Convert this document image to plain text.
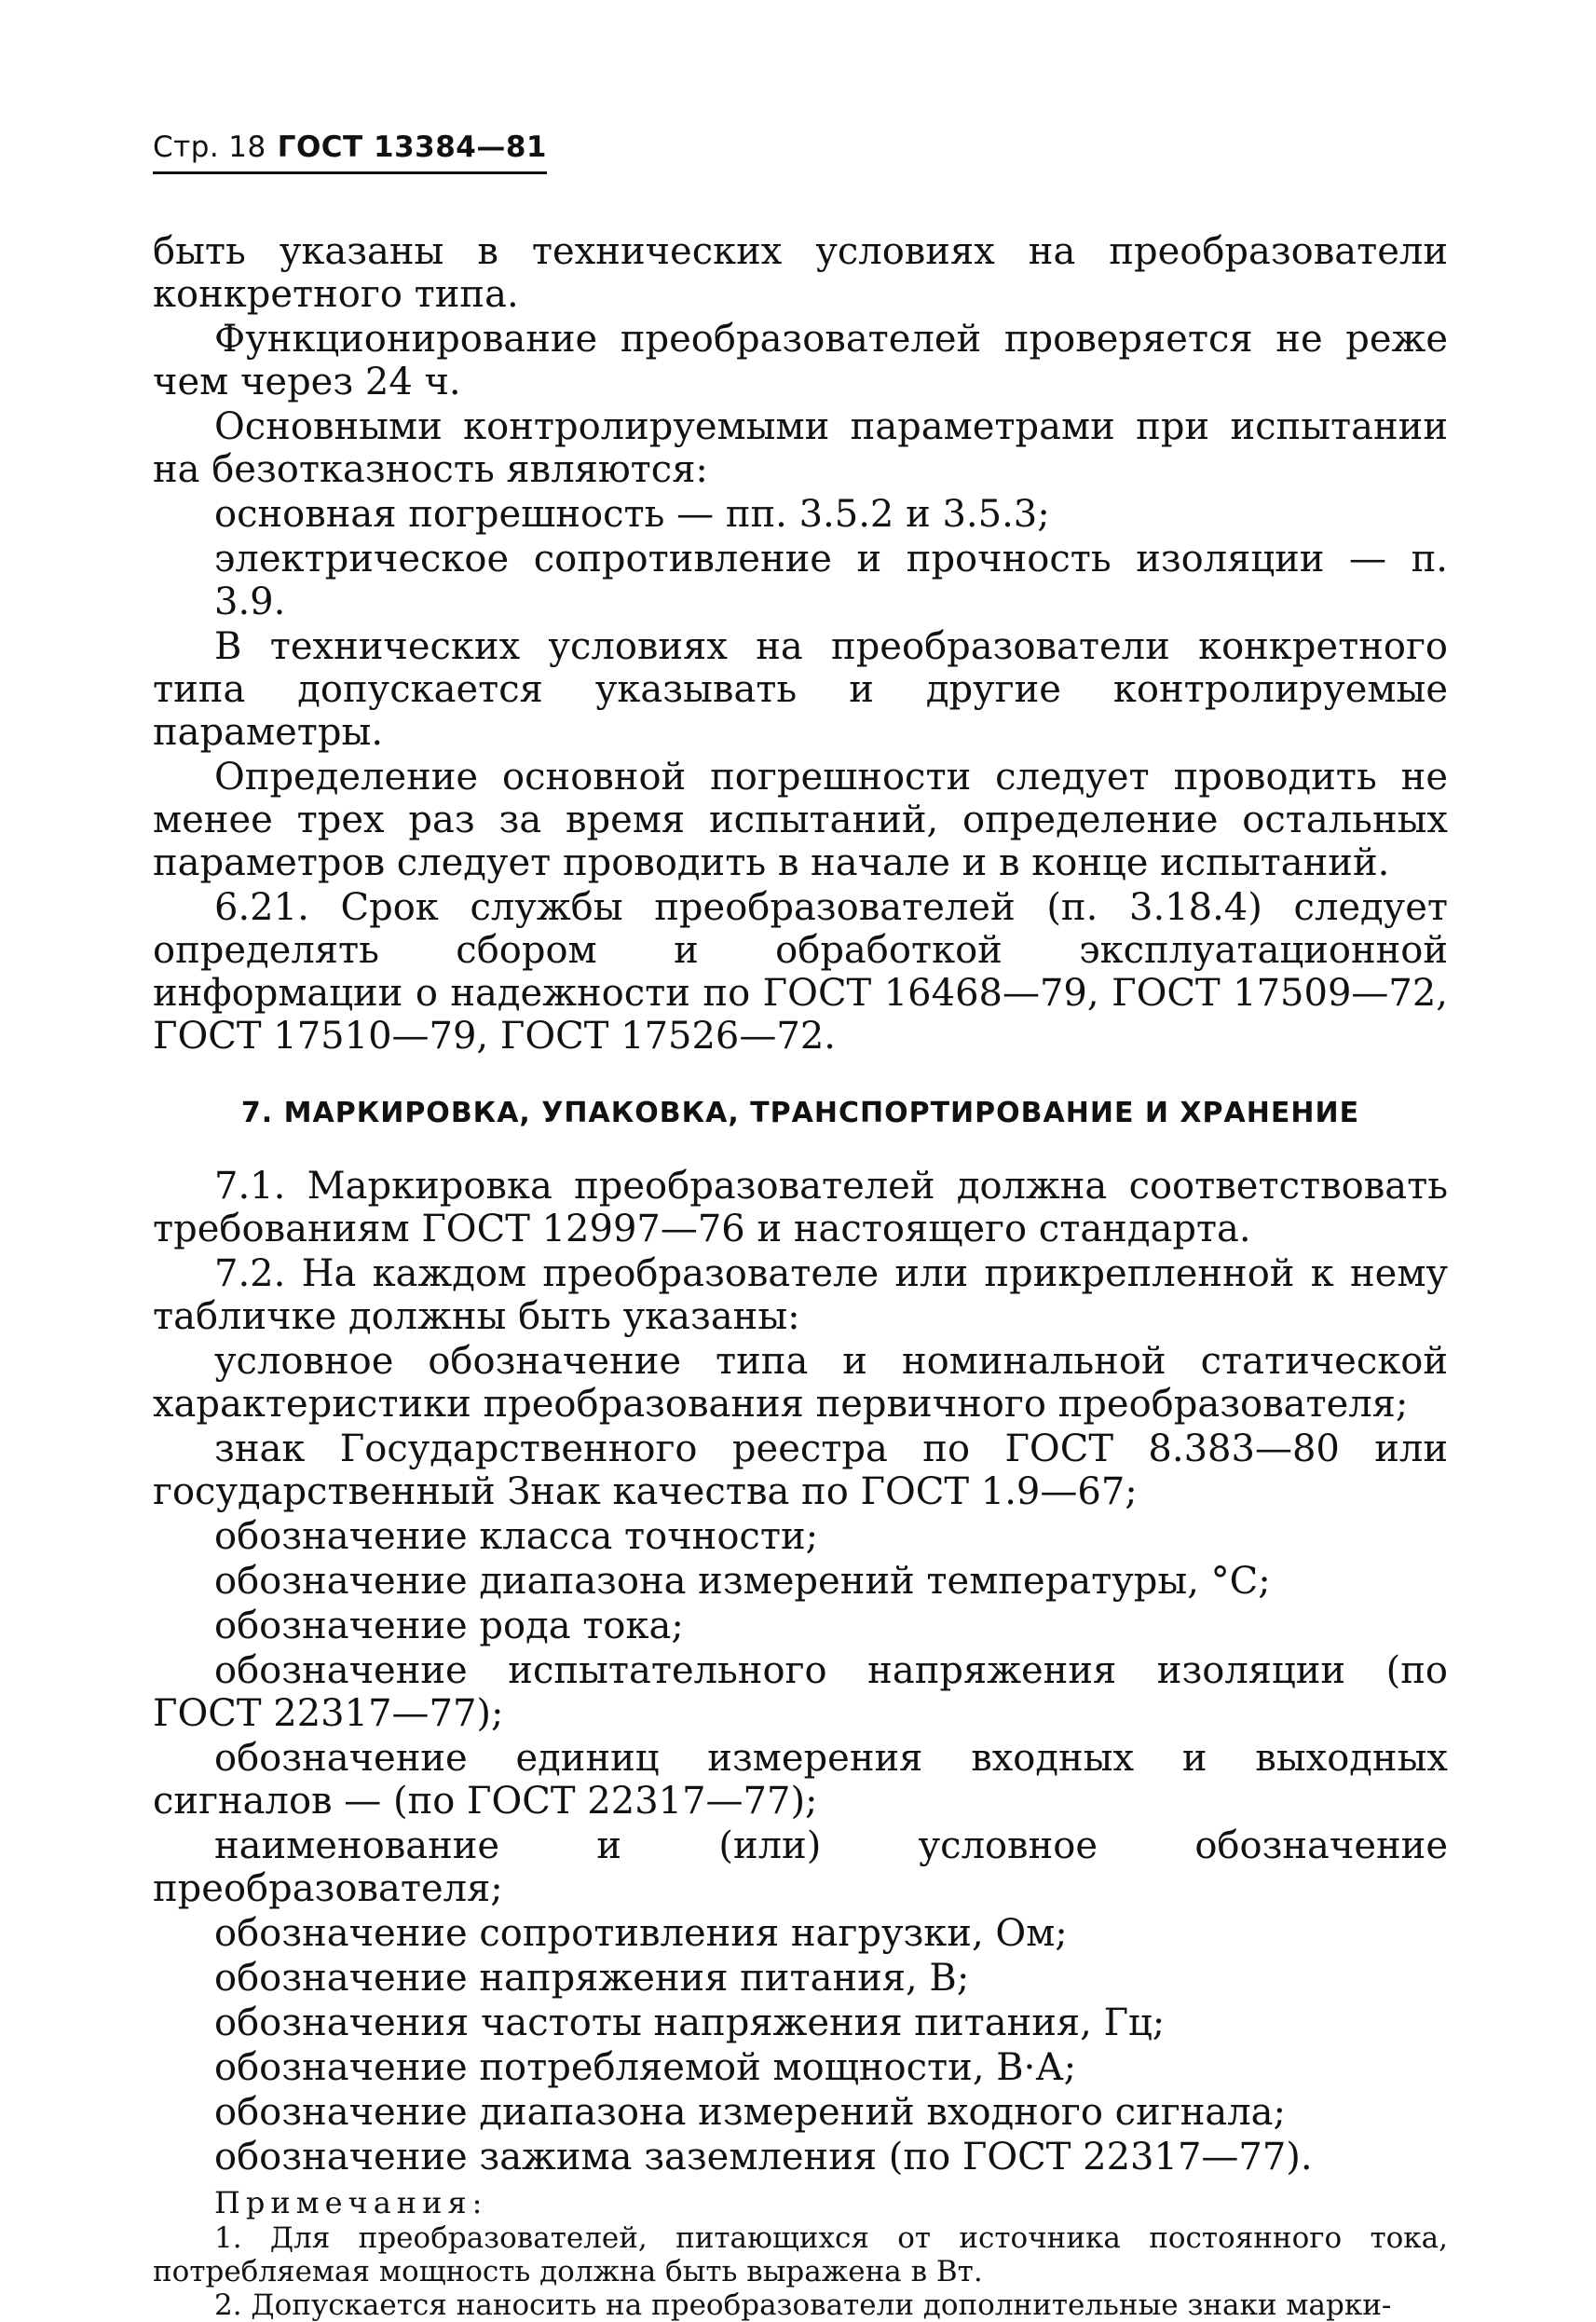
Стр. 18 ГОСТ 13384—81

быть указаны в технических условиях на преобразователи конкретного типа.

Функционирование преобразователей проверяется не реже чем через 24 ч.

Основными контролируемыми параметрами при испытании на безотказность являются:

основная погрешность — пп. 3.5.2 и 3.5.3;

электрическое сопротивление и прочность изоляции — п. 3.9.

В технических условиях на преобразователи конкретного типа допускается указывать и другие контролируемые параметры.

Определение основной погрешности следует проводить не менее трех раз за время испытаний, определение остальных параметров следует проводить в начале и в конце испытаний.

6.21. Срок службы преобразователей (п. 3.18.4) следует определять сбором и обработкой эксплуатационной информации о надежности по ГОСТ 16468—79, ГОСТ 17509—72, ГОСТ 17510—79, ГОСТ 17526—72.

7. МАРКИРОВКА, УПАКОВКА, ТРАНСПОРТИРОВАНИЕ И ХРАНЕНИЕ

7.1. Маркировка преобразователей должна соответствовать требованиям ГОСТ 12997—76 и настоящего стандарта.

7.2. На каждом преобразователе или прикрепленной к нему табличке должны быть указаны:

условное обозначение типа и номинальной статической характеристики преобразования первичного преобразователя;

знак Государственного реестра по ГОСТ 8.383—80 или государственный Знак качества по ГОСТ 1.9—67;

обозначение класса точности;

обозначение диапазона измерений температуры, °С;

обозначение рода тока;

обозначение испытательного напряжения изоляции (по ГОСТ 22317—77);

обозначение единиц измерения входных и выходных сигналов — (по ГОСТ 22317—77);

наименование и (или) условное обозначение преобразователя;

обозначение сопротивления нагрузки, Ом;

обозначение напряжения питания, В;

обозначения частоты напряжения питания, Гц;

обозначение потребляемой мощности, В·А;

обозначение диапазона измерений входного сигнала;

обозначение зажима заземления (по ГОСТ 22317—77).

Примечания:

1. Для преобразователей, питающихся от источника постоянного тока, потребляемая мощность должна быть выражена в Вт.

2. Допускается наносить на преобразователи дополнительные знаки марки-
